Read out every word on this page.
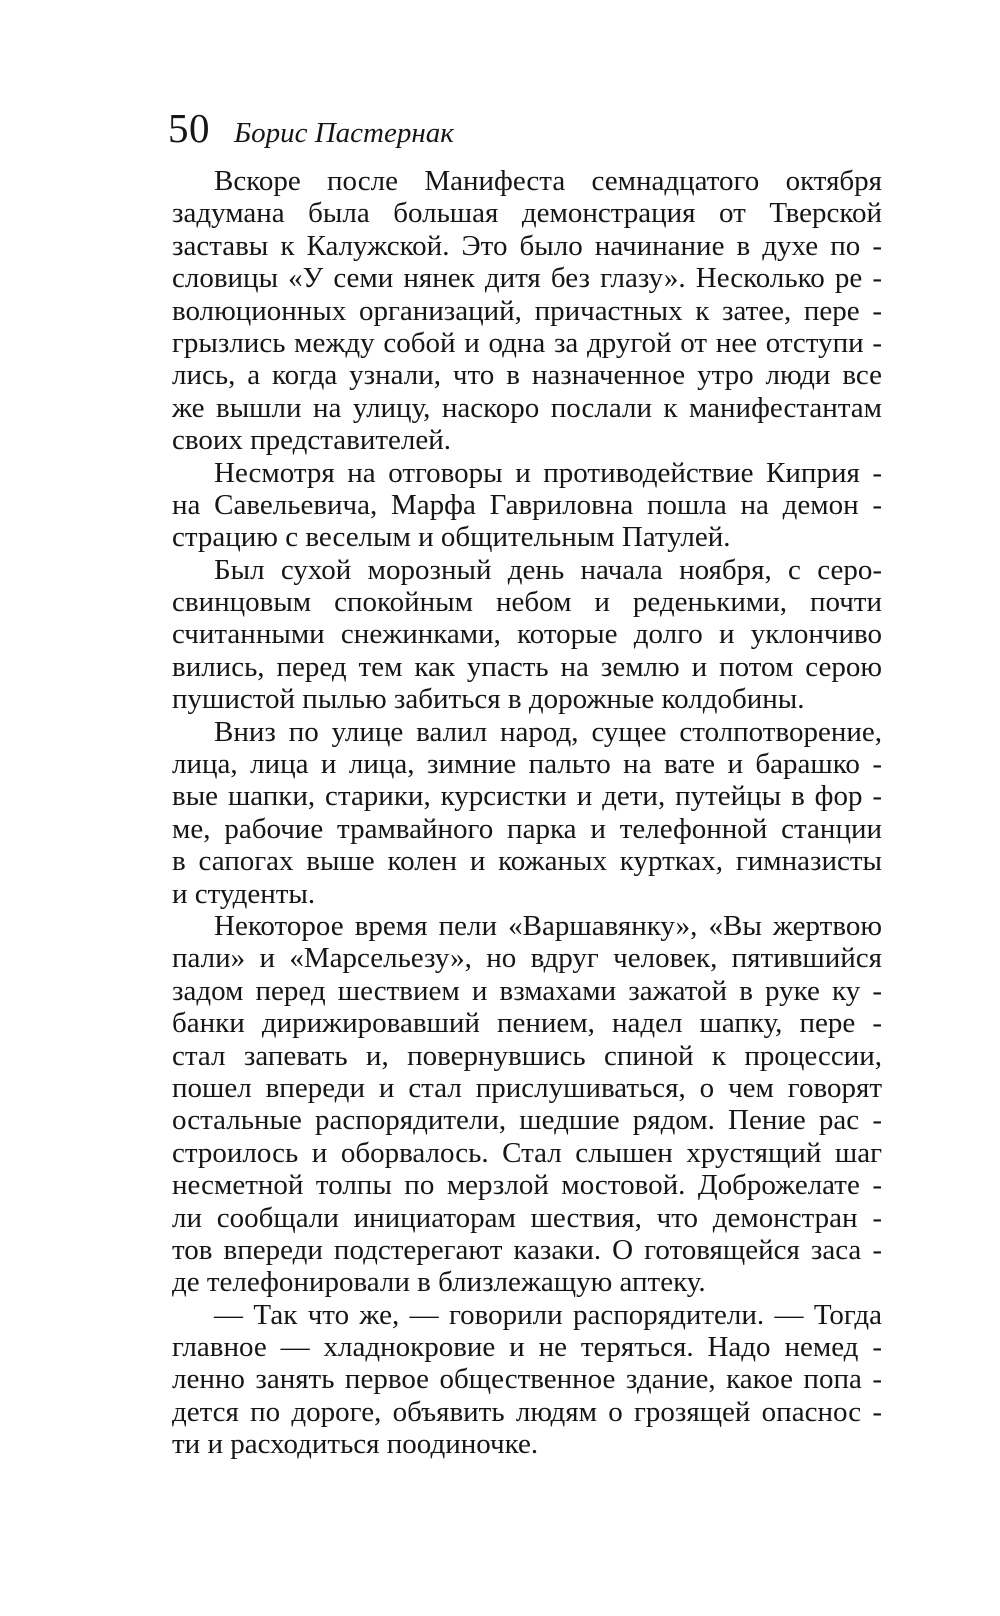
50 Борис Пастернак

Вскоре после Манифеста семнадцатого октября
задумана была большая демонстрация от Тверской
заставы к Калужской. Это было начинание в духе по -
словицы «У семи нянек дитя без глазу». Несколько ре -
волюционных организаций, причастных к затее, пере -
грызлись между собой и одна за другой от нее отступи -
лись, а когда узнали, что в назначенное утро люди все
же вышли на улицу, наскоро послали к манифестантам
своих представителей.

Несмотря на отговоры и противодействие Киприя -
на Савельевича, Марфа Гавриловна пошла на демон -
страцию с веселым и общительным Патулей.

Был сухой морозный день начала ноября, с серо-
свинцовым спокойным небом и реденькими, почти
считанными снежинками, которые долго и уклончиво
вились, перед тем как упасть на землю и потом серою
пушистой пылью забиться в дорожные колдобины.

Вниз по улице валил народ, сущее столпотворение,
лица, лица и лица, зимние пальто на вате и барашко -
вые шапки, старики, курсистки и дети, путейцы в фор -
ме, рабочие трамвайного парка и телефонной станции
в сапогах выше колен и кожаных куртках, гимназисты
и студенты.

Некоторое время пели «Варшавянку», «Вы жертвою
пали» и «Марсельезу», но вдруг человек, пятившийся
задом перед шествием и взмахами зажатой в руке ку -
банки дирижировавший пением, надел шапку, пере -
стал запевать и, повернувшись спиной к процессии,
пошел впереди и стал прислушиваться, о чем говорят
остальные распорядители, шедшие рядом. Пение рас -
строилось и оборвалось. Стал слышен хрустящий шаг
несметной толпы по мерзлой мостовой. Доброжелате -
ли сообщали инициаторам шествия, что демонстран -
тов впереди подстерегают казаки. О готовящейся заса -
де телефонировали в близлежащую аптеку.

— Так что же, — говорили распорядители. — Тогда
главное — хладнокровие и не теряться. Надо немед -
ленно занять первое общественное здание, какое попа -
дется по дороге, объявить людям о грозящей опаснос -
ти и расходиться поодиночке.
